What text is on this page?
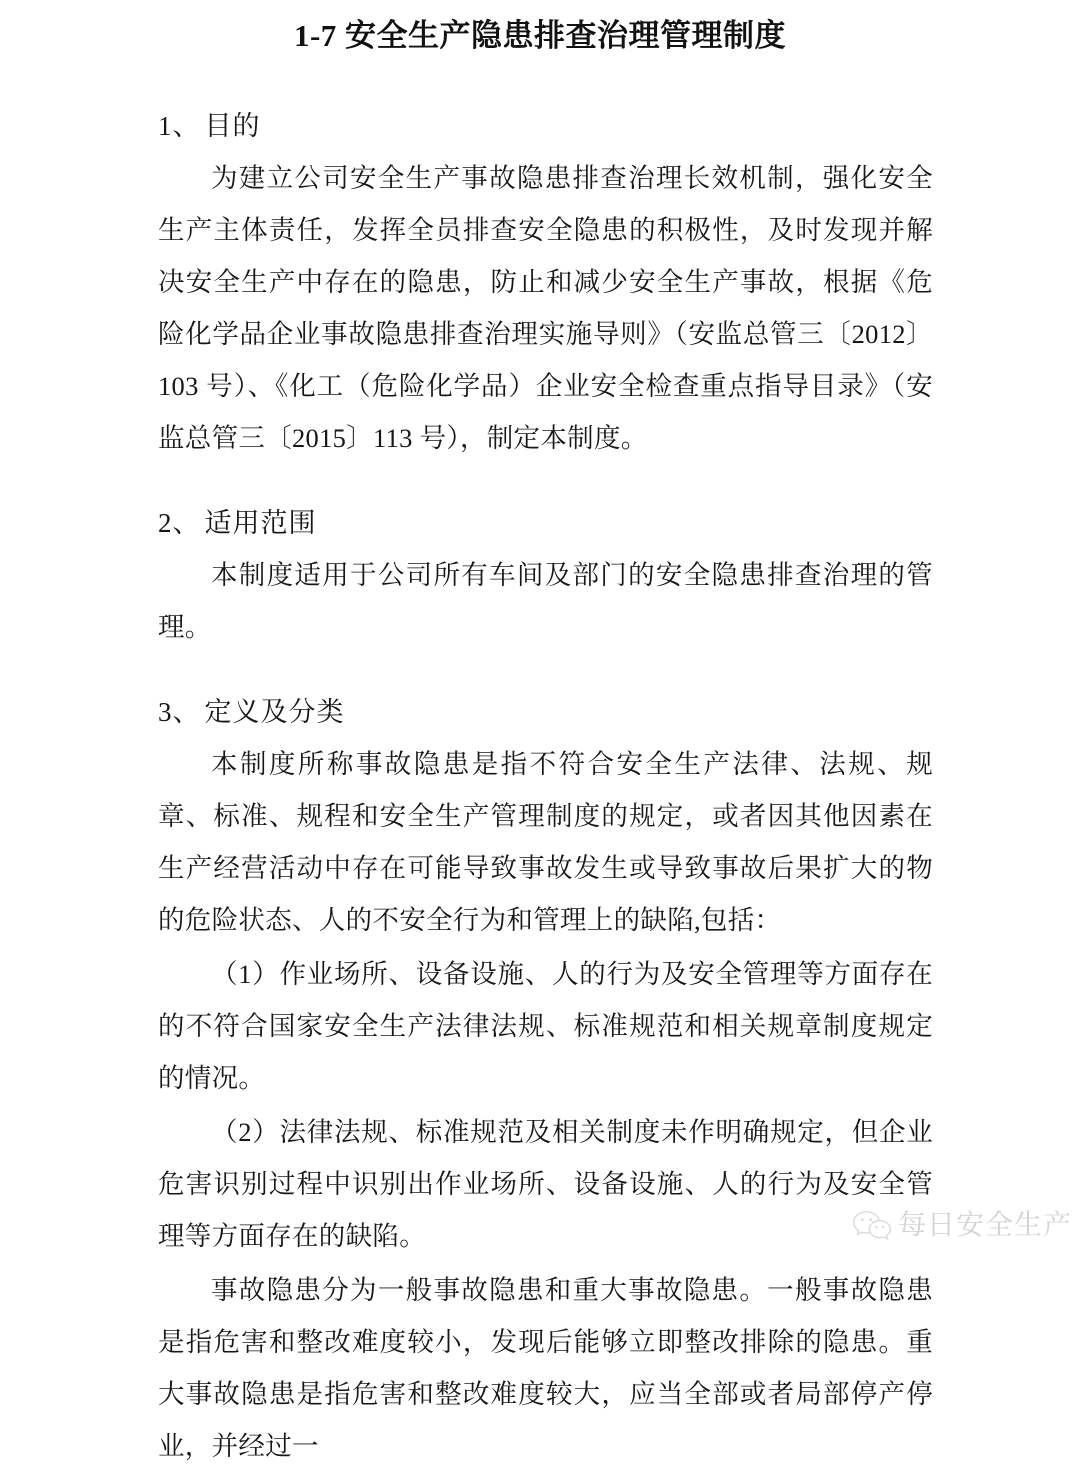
1-7 安全生产隐患排查治理管理制度
1、目的

为建立公司安全生产事故隐患排查治理长效机制，强化安全生产主体责任，发挥全员排查安全隐患的积极性，及时发现并解决安全生产中存在的隐患，防止和减少安全生产事故，根据《危险化学品企业事故隐患排查治理实施导则》（安监总管三〔2012〕103 号）、《化工（危险化学品）企业安全检查重点指导目录》（安监总管三〔2015〕113 号），制定本制度。

2、适用范围

本制度适用于公司所有车间及部门的安全隐患排查治理的管理。

3、定义及分类

本制度所称事故隐患是指不符合安全生产法律、法规、规章、标准、规程和安全生产管理制度的规定，或者因其他因素在生产经营活动中存在可能导致事故发生或导致事故后果扩大的物的危险状态、人的不安全行为和管理上的缺陷,包括：

（1）作业场所、设备设施、人的行为及安全管理等方面存在的不符合国家安全生产法律法规、标准规范和相关规章制度规定的情况。

（2）法律法规、标准规范及相关制度未作明确规定，但企业危害识别过程中识别出作业场所、设备设施、人的行为及安全管理等方面存在的缺陷。

事故隐患分为一般事故隐患和重大事故隐患。一般事故隐患是指危害和整改难度较小，发现后能够立即整改排除的隐患。重大事故隐患是指危害和整改难度较大，应当全部或者局部停产停业，并经过一

每日安全生产
